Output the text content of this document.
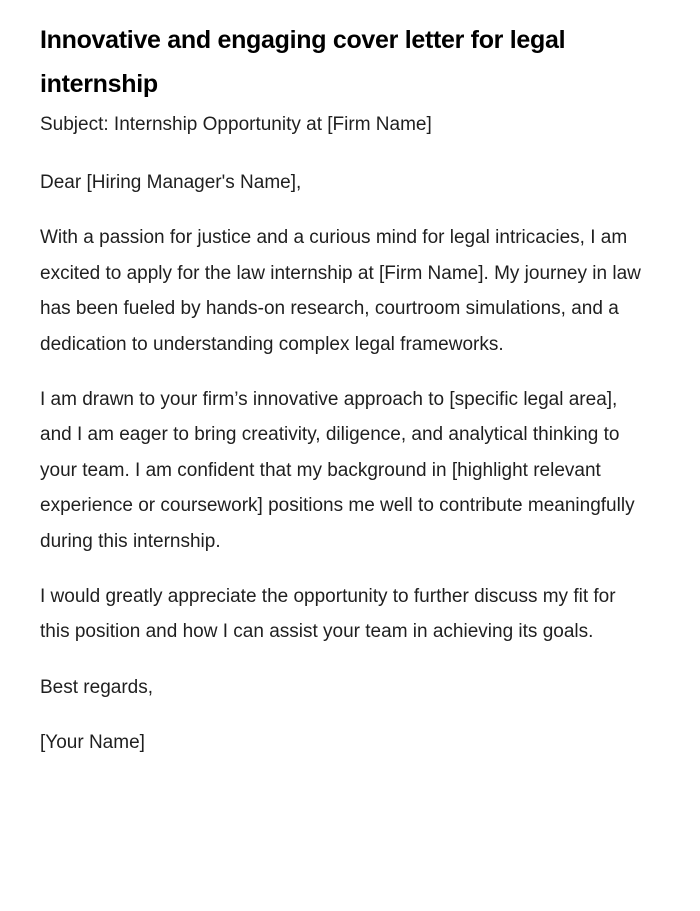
Innovative and engaging cover letter for legal internship

Subject: Internship Opportunity at [Firm Name]

Dear [Hiring Manager's Name],

With a passion for justice and a curious mind for legal intricacies, I am excited to apply for the law internship at [Firm Name]. My journey in law has been fueled by hands-on research, courtroom simulations, and a dedication to understanding complex legal frameworks.

I am drawn to your firm’s innovative approach to [specific legal area], and I am eager to bring creativity, diligence, and analytical thinking to your team. I am confident that my background in [highlight relevant experience or coursework] positions me well to contribute meaningfully during this internship.

I would greatly appreciate the opportunity to further discuss my fit for this position and how I can assist your team in achieving its goals.

Best regards,

[Your Name]
